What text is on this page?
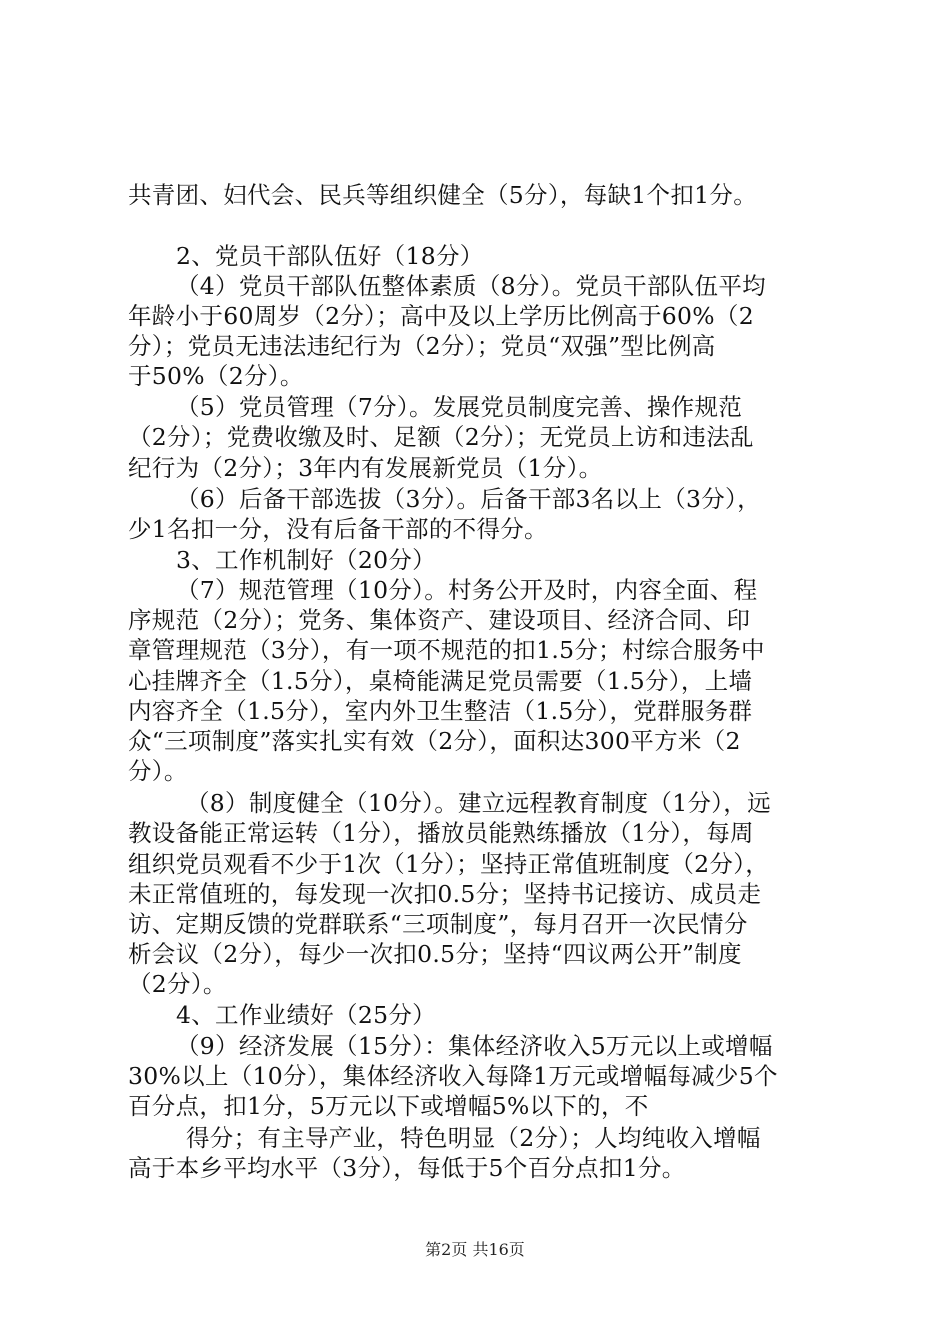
共青团、妇代会、民兵等组织健全（5分），每缺1个扣1分。
2、党员干部队伍好（18分）
（4）党员干部队伍整体素质（8分）。党员干部队伍平均
年龄小于60周岁（2分）；高中及以上学历比例高于60%（2
分）；党员无违法违纪行为（2分）；党员“双强”型比例高
于50%（2分）。
（5）党员管理（7分）。发展党员制度完善、操作规范
（2分）；党费收缴及时、足额（2分）；无党员上访和违法乱
纪行为（2分）；3年内有发展新党员（1分）。
（6）后备干部选拔（3分）。后备干部3名以上（3分），
少1名扣一分，没有后备干部的不得分。
3、工作机制好（20分）
（7）规范管理（10分）。村务公开及时，内容全面、程
序规范（2分）；党务、集体资产、建设项目、经济合同、印
章管理规范（3分），有一项不规范的扣1.5分；村综合服务中
心挂牌齐全（1.5分），桌椅能满足党员需要（1.5分），上墙
内容齐全（1.5分），室内外卫生整洁（1.5分），党群服务群
众“三项制度”落实扎实有效（2分），面积达300平方米（2
分）。
（8）制度健全（10分）。建立远程教育制度（1分），远
教设备能正常运转（1分），播放员能熟练播放（1分），每周
组织党员观看不少于1次（1分）；坚持正常值班制度（2分），
未正常值班的，每发现一次扣0.5分；坚持书记接访、成员走
访、定期反馈的党群联系“三项制度”，每月召开一次民情分
析会议（2分），每少一次扣0.5分；坚持“四议两公开”制度
（2分）。
4、工作业绩好（25分）
（9）经济发展（15分）：集体经济收入5万元以上或增幅
30%以上（10分），集体经济收入每降1万元或增幅每减少5个
百分点，扣1分，5万元以下或增幅5%以下的，不
得分；有主导产业，特色明显（2分）；人均纯收入增幅
高于本乡平均水平（3分），每低于5个百分点扣1分。
第2页 共16页
